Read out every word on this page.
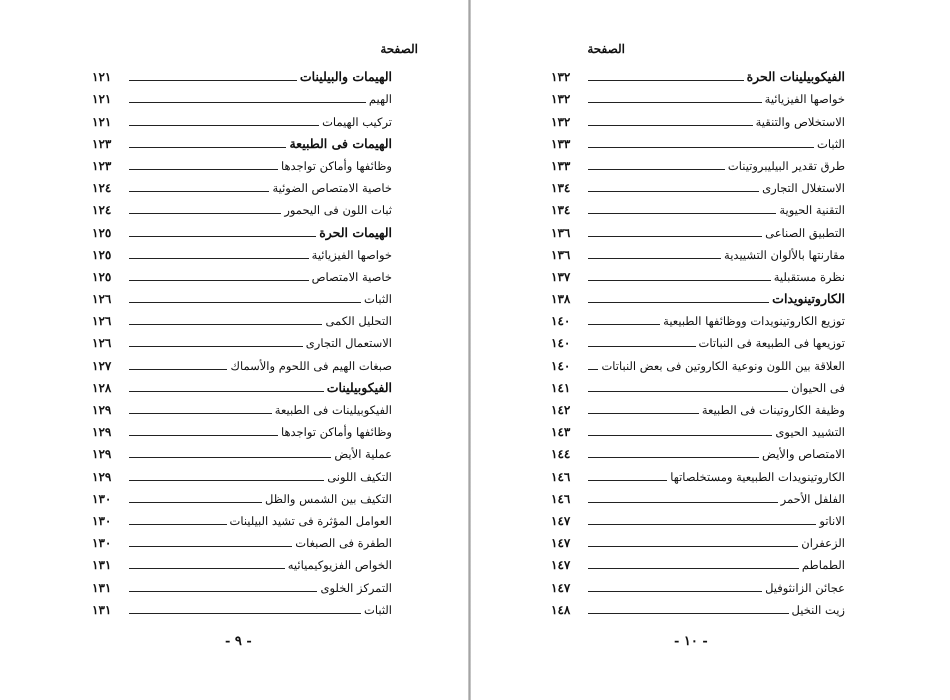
الصفحة
الهيمات والبيلينات
١٢١
الهيم
١٢١
تركيب الهيمات
١٢١
الهيمات فى الطبيعة
١٢٣
وظائفها وأماكن تواجدها
١٢٣
خاصية الامتصاص الضوئية
١٢٤
ثبات اللون فى اليحمور
١٢٤
الهيمات الحرة
١٢٥
خواصها الفيزيائية
١٢٥
خاصية الامتصاص
١٢٥
الثبات
١٢٦
التحليل الكمى
١٢٦
الاستعمال التجارى
١٢٦
صبغات الهيم فى اللحوم والأسماك
١٢٧
الفيكوبيلينات
١٢٨
الفيكوبيلينات فى الطبيعة
١٢٩
وظائفها وأماكن تواجدها
١٢٩
عملية الأيض
١٢٩
التكيف اللونى
١٢٩
التكيف بين الشمس والظل
١٣٠
العوامل المؤثرة فى تشيد البيلينات
١٣٠
الطفرة فى الصبغات
١٣٠
الخواص الفزيوكيميائيه
١٣١
التمركز الخلوى
١٣١
الثبات
١٣١
- ٩ -
الصفحة
الفيكوبيلينات الحرة
١٣٢
خواصها الفيزيائية
١٣٢
الاستخلاص والتنقية
١٣٢
الثبات
١٣٣
طرق تقدير البيليبروتينات
١٣٣
الاستغلال التجارى
١٣٤
التقنية الحيوية
١٣٤
التطبيق الصناعى
١٣٦
مقارنتها بالألوان التشييدية
١٣٦
نظرة مستقبلية
١٣٧
الكاروتينويدات
١٣٨
توزيع الكاروتينويدات ووظائفها الطبيعية
١٤٠
توزيعها فى الطبيعة فى النباتات
١٤٠
العلاقة بين اللون ونوعية الكاروتين فى بعض النباتات
١٤٠
فى الحيوان
١٤١
وظيفة الكاروتينات فى الطبيعة
١٤٢
التشييد الحيوى
١٤٣
الامتصاص والأيض
١٤٤
الكاروتينويدات الطبيعية ومستخلصاتها
١٤٦
الفلفل الأحمر
١٤٦
الاناتو
١٤٧
الزعفران
١٤٧
الطماطم
١٤٧
عجائن الزانثوفيل
١٤٧
زيت النخيل
١٤٨
- ١٠ -
